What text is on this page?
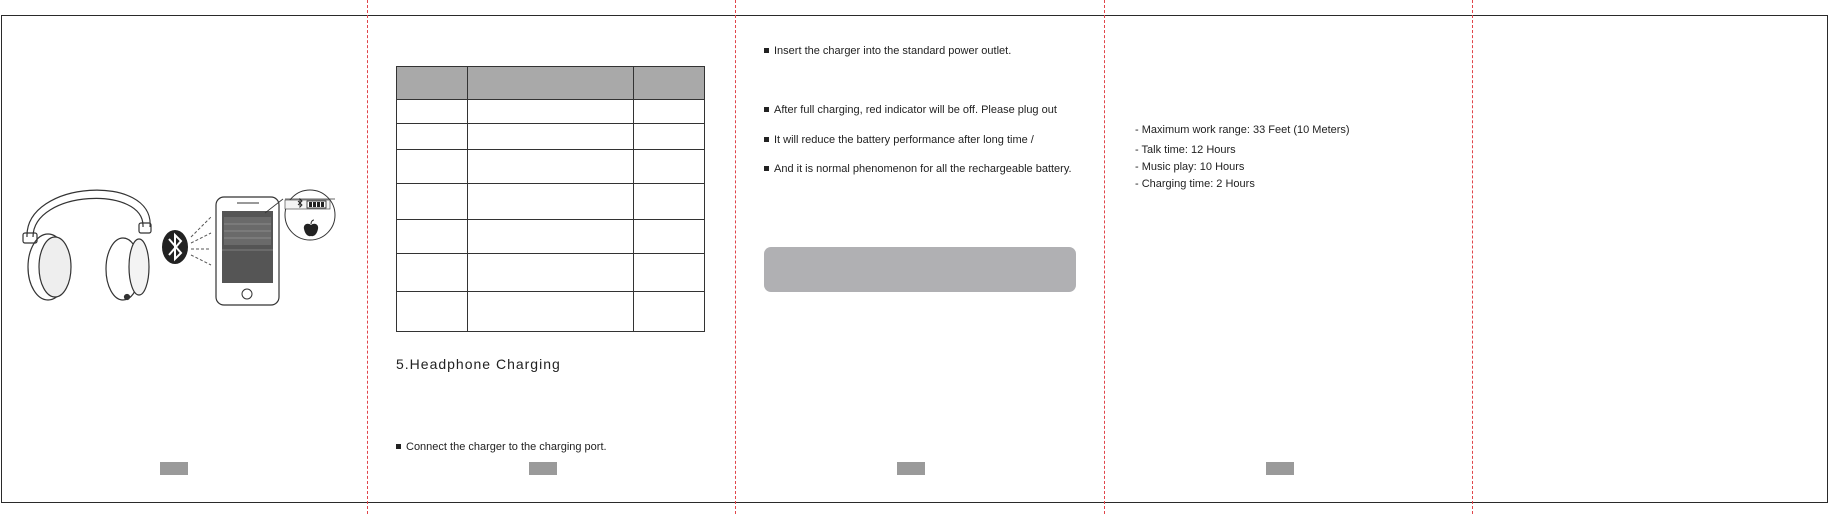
5.Headphone Charging
Connect the charger to the charging port.
Insert the charger into the standard power outlet.
After full charging, red indicator will be off. Please plug out
It will reduce the battery performance after long time /
And it is normal phenomenon for all the rechargeable battery.
- Maximum work range: 33 Feet (10 Meters)
- Talk time: 12 Hours
- Music play: 10 Hours
- Charging time: 2 Hours
